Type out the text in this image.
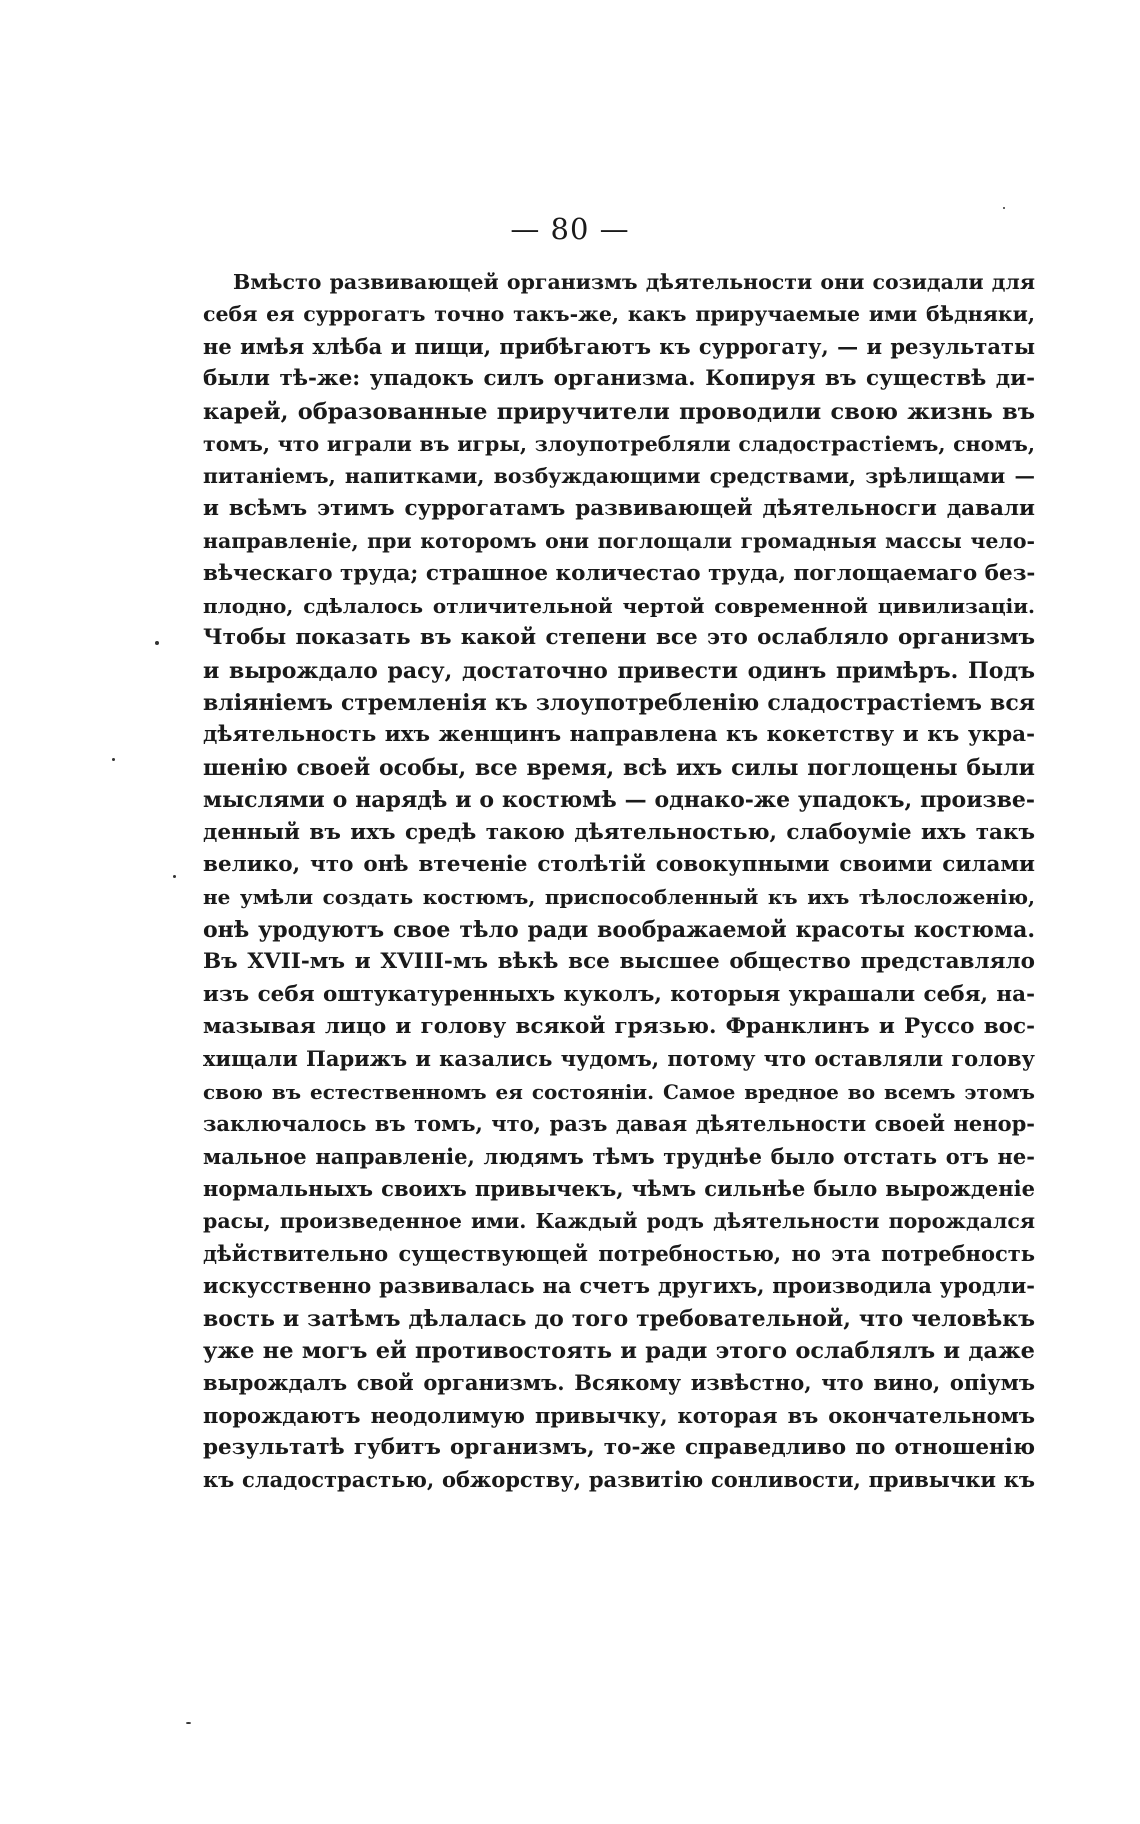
— 80 —
Вмѣсто развивающей организмъ дѣятельности они созидали для
себя ея суррогатъ точно такъ-же, какъ приручаемые ими бѣдняки,
не имѣя хлѣба и пищи, прибѣгаютъ къ суррогату, — и результаты
были тѣ-же: упадокъ силъ организма. Копируя въ существѣ ди-
карей, образованные приручители проводили свою жизнь въ
томъ, что играли въ игры, злоупотребляли сладострастіемъ, сномъ,
питаніемъ, напитками, возбуждающими средствами, зрѣлищами —
и всѣмъ этимъ суррогатамъ развивающей дѣятельносги давали
направленіе, при которомъ они поглощали громадныя массы чело-
вѣческаго труда; страшное количестао труда, поглощаемаго без-
плодно, сдѣлалось отличительной чертой современной цивилизаціи.
Чтобы показать въ какой степени все это ослабляло организмъ
и вырождало расу, достаточно привести одинъ примѣръ. Подъ
вліяніемъ стремленія къ злоупотребленію сладострастіемъ вся
дѣятельность ихъ женщинъ направлена къ кокетству и къ укра-
шенію своей особы, все время, всѣ ихъ силы поглощены были
мыслями о нарядѣ и о костюмѣ — однако-же упадокъ, произве-
денный въ ихъ средѣ такою дѣятельностью, слабоуміе ихъ такъ
велико, что онѣ втеченіе столѣтій совокупными своими силами
не умѣли создать костюмъ, приспособленный къ ихъ тѣлосложенію,
онѣ уродуютъ свое тѣло ради воображаемой красоты костюма.
Въ XVII-мъ и XVIII-мъ вѣкѣ все высшее общество представляло
изъ себя оштукатуренныхъ куколъ, которыя украшали себя, на-
мазывая лицо и голову всякой грязью. Франклинъ и Руссо вос-
хищали Парижъ и казались чудомъ, потому что оставляли голову
свою въ естественномъ ея состояніи. Самое вредное во всемъ этомъ
заключалось въ томъ, что, разъ давая дѣятельности своей ненор-
мальное направленіе, людямъ тѣмъ труднѣе было отстать отъ не-
нормальныхъ своихъ привычекъ, чѣмъ сильнѣе было вырожденіе
расы, произведенное ими. Каждый родъ дѣятельности порождался
дѣйствительно существующей потребностью, но эта потребность
искусственно развивалась на счетъ другихъ, производила уродли-
вость и затѣмъ дѣлалась до того требовательной, что человѣкъ
уже не могъ ей противостоять и ради этого ослаблялъ и даже
вырождалъ свой организмъ. Всякому извѣстно, что вино, опіумъ
порождаютъ неодолимую привычку, которая въ окончательномъ
результатѣ губитъ организмъ, то-же справедливо по отношенію
къ сладострастью, обжорству, развитію сонливости, привычки къ
